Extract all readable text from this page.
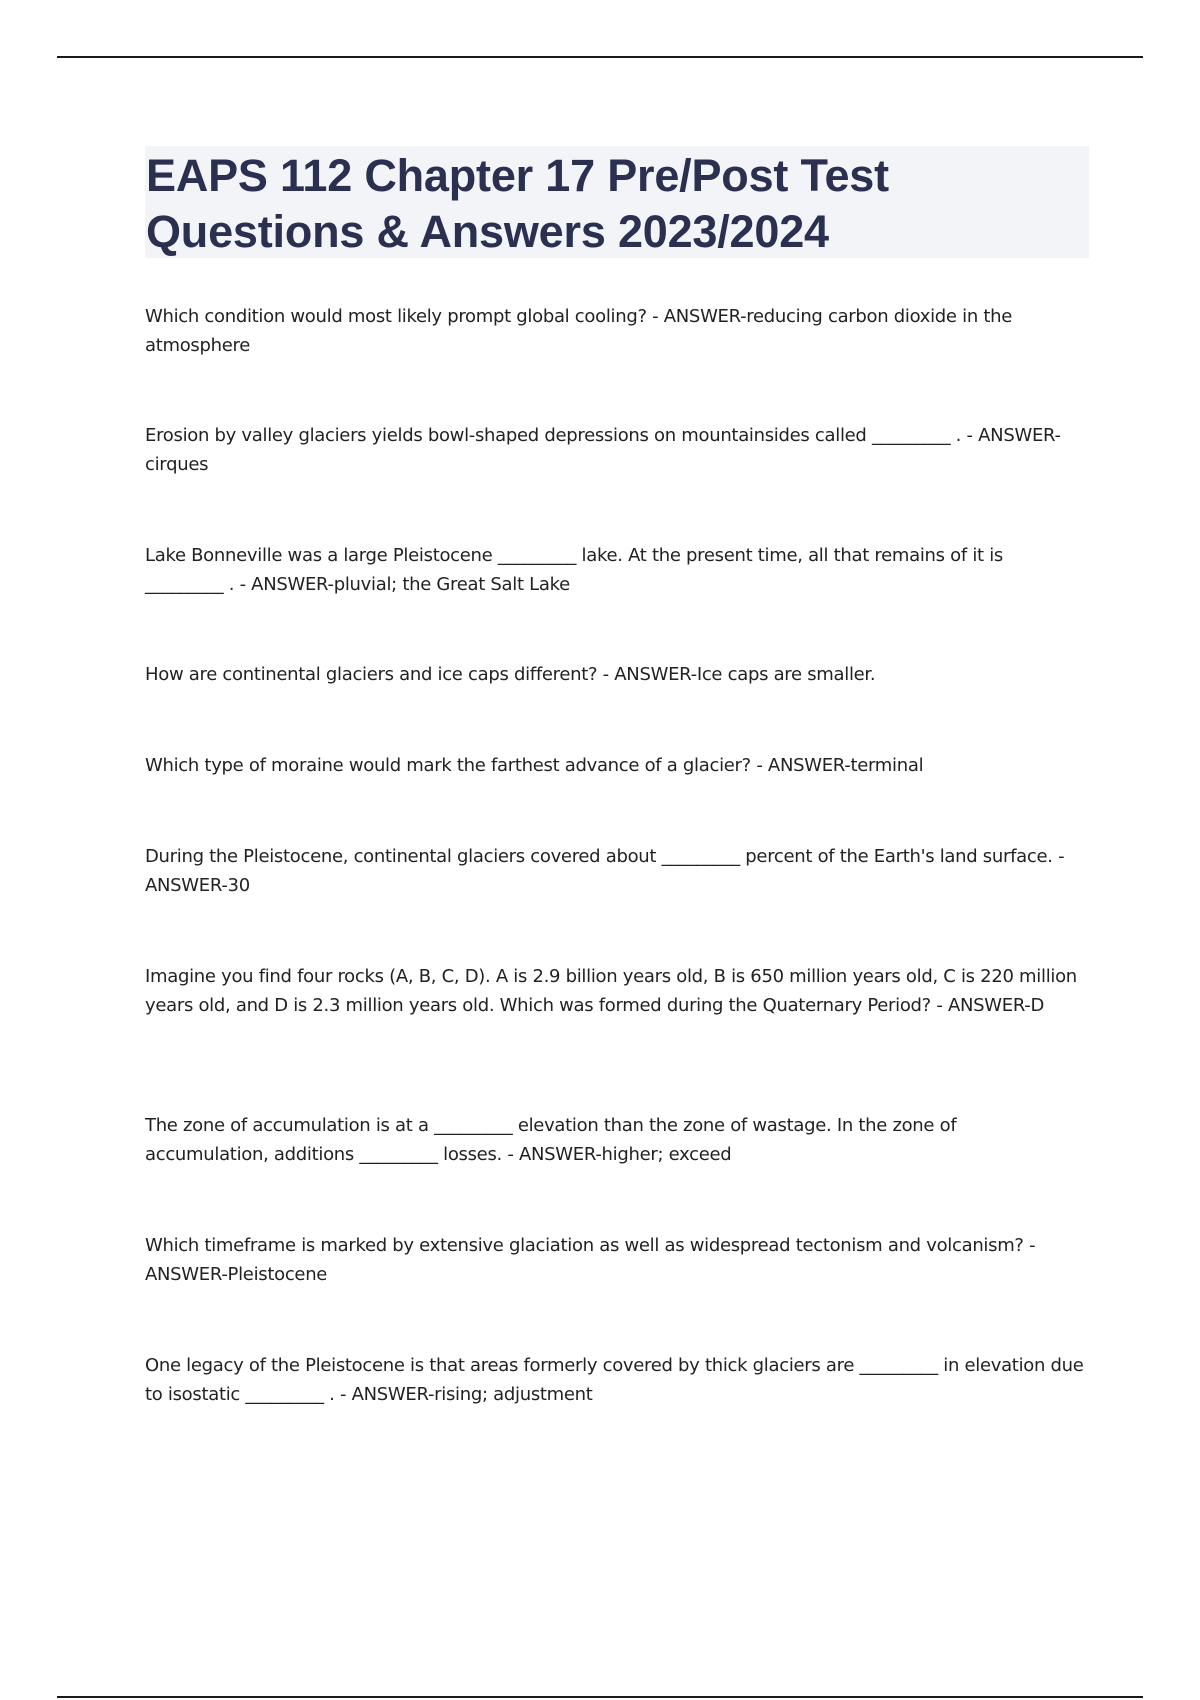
EAPS 112 Chapter 17 Pre/Post Test Questions & Answers 2023/2024

Which condition would most likely prompt global cooling? - ANSWER-reducing carbon dioxide in the atmosphere

Erosion by valley glaciers yields bowl-shaped depressions on mountainsides called _________ . - ANSWER-cirques

Lake Bonneville was a large Pleistocene _________ lake. At the present time, all that remains of it is _________ . - ANSWER-pluvial; the Great Salt Lake

How are continental glaciers and ice caps different? - ANSWER-Ice caps are smaller.

Which type of moraine would mark the farthest advance of a glacier? - ANSWER-terminal

During the Pleistocene, continental glaciers covered about _________ percent of the Earth's land surface. - ANSWER-30

Imagine you find four rocks (A, B, C, D). A is 2.9 billion years old, B is 650 million years old, C is 220 million years old, and D is 2.3 million years old. Which was formed during the Quaternary Period? - ANSWER-D

The zone of accumulation is at a _________ elevation than the zone of wastage. In the zone of accumulation, additions _________ losses. - ANSWER-higher; exceed

Which timeframe is marked by extensive glaciation as well as widespread tectonism and volcanism? - ANSWER-Pleistocene

One legacy of the Pleistocene is that areas formerly covered by thick glaciers are _________ in elevation due to isostatic _________ . - ANSWER-rising; adjustment
